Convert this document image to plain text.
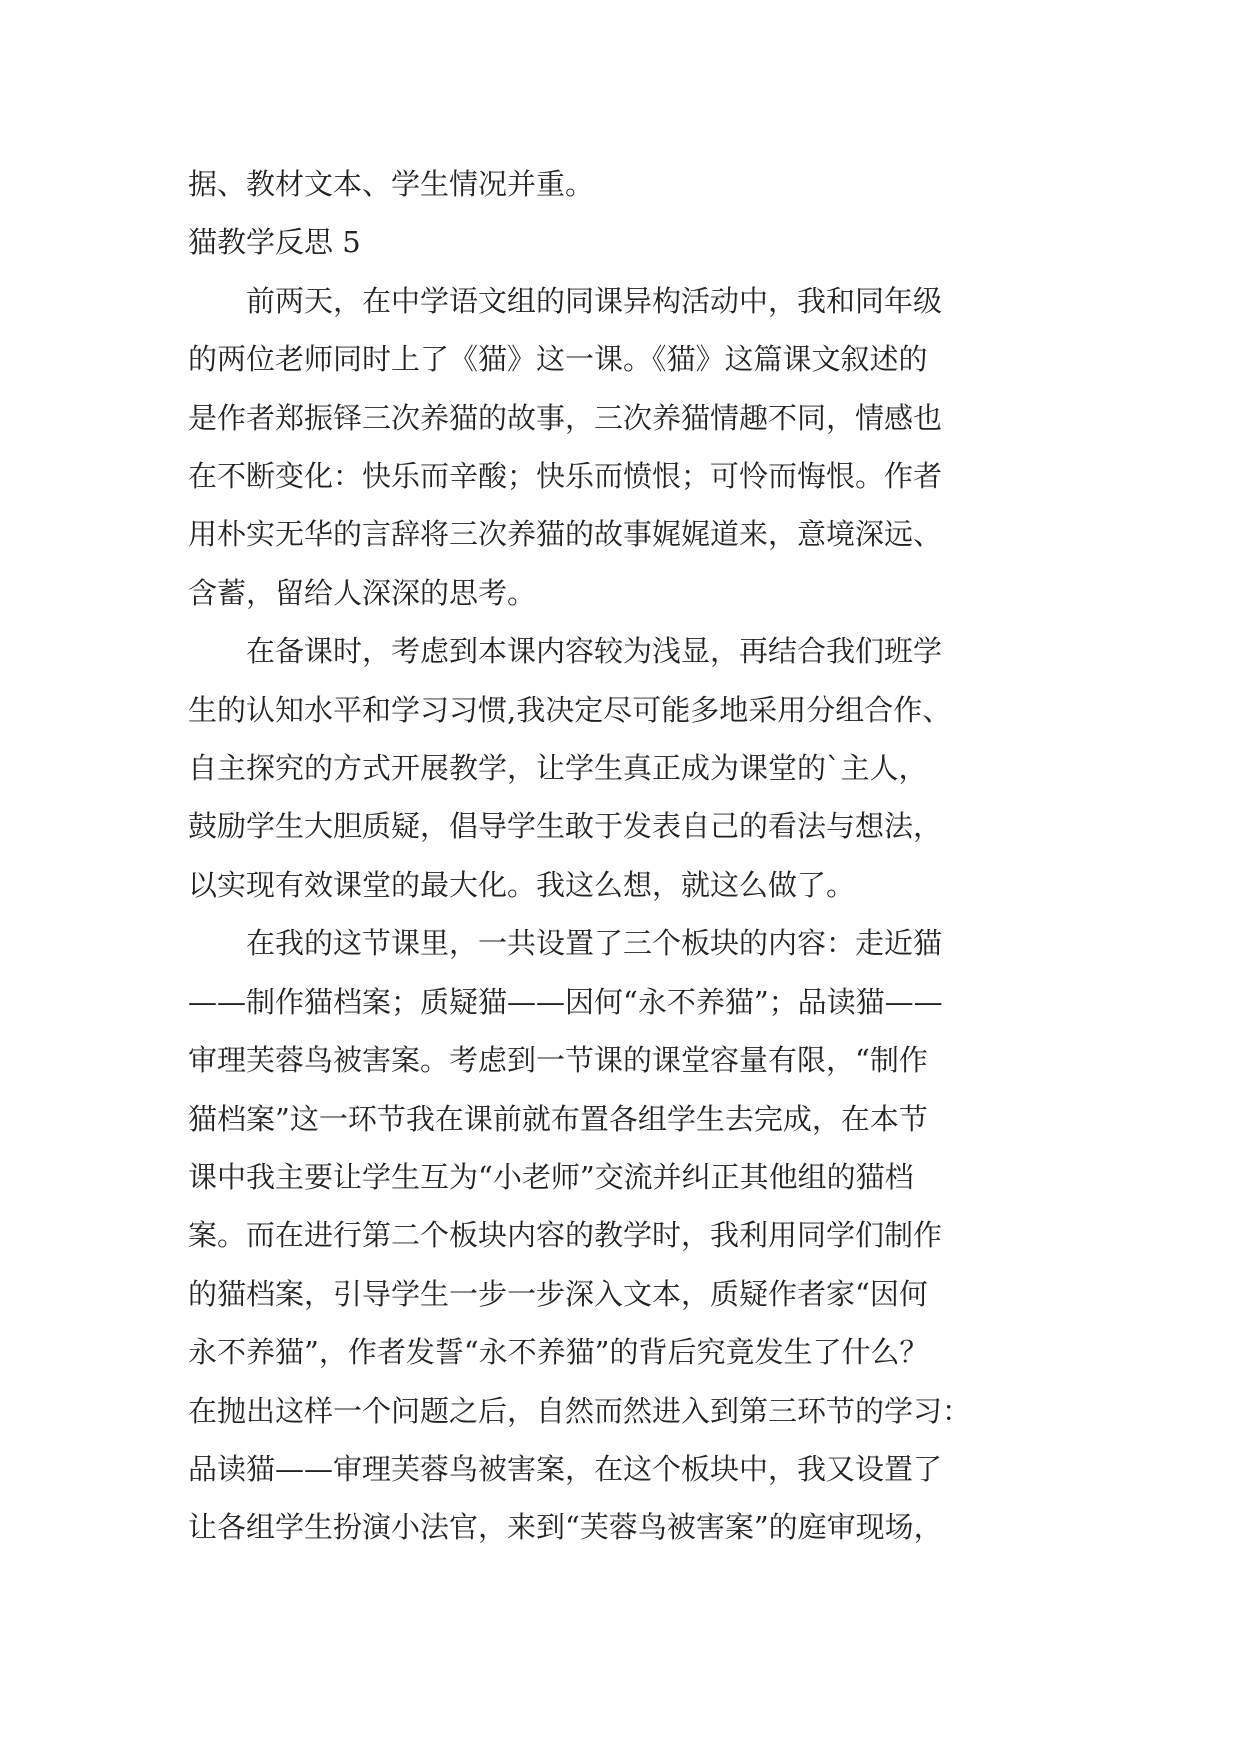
据、教材文本、学生情况并重。

猫教学反思 5

前两天，在中学语文组的同课异构活动中，我和同年级

的两位老师同时上了《猫》这一课。《猫》这篇课文叙述的

是作者郑振铎三次养猫的故事，三次养猫情趣不同，情感也

在不断变化：快乐而辛酸；快乐而愤恨；可怜而悔恨。作者

用朴实无华的言辞将三次养猫的故事娓娓道来，意境深远、

含蓄，留给人深深的思考。

在备课时，考虑到本课内容较为浅显，再结合我们班学

生的认知水平和学习习惯,我决定尽可能多地采用分组合作、

自主探究的方式开展教学，让学生真正成为课堂的`主人，

鼓励学生大胆质疑，倡导学生敢于发表自己的看法与想法，

以实现有效课堂的最大化。我这么想，就这么做了。

在我的这节课里，一共设置了三个板块的内容：走近猫

——制作猫档案；质疑猫——因何“永不养猫”；品读猫——

审理芙蓉鸟被害案。考虑到一节课的课堂容量有限，“制作

猫档案”这一环节我在课前就布置各组学生去完成，在本节

课中我主要让学生互为“小老师”交流并纠正其他组的猫档

案。而在进行第二个板块内容的教学时，我利用同学们制作

的猫档案，引导学生一步一步深入文本，质疑作者家“因何

永不养猫”，作者发誓“永不养猫”的背后究竟发生了什么？

在抛出这样一个问题之后，自然而然进入到第三环节的学习：

品读猫——审理芙蓉鸟被害案，在这个板块中，我又设置了

让各组学生扮演小法官，来到“芙蓉鸟被害案”的庭审现场，
